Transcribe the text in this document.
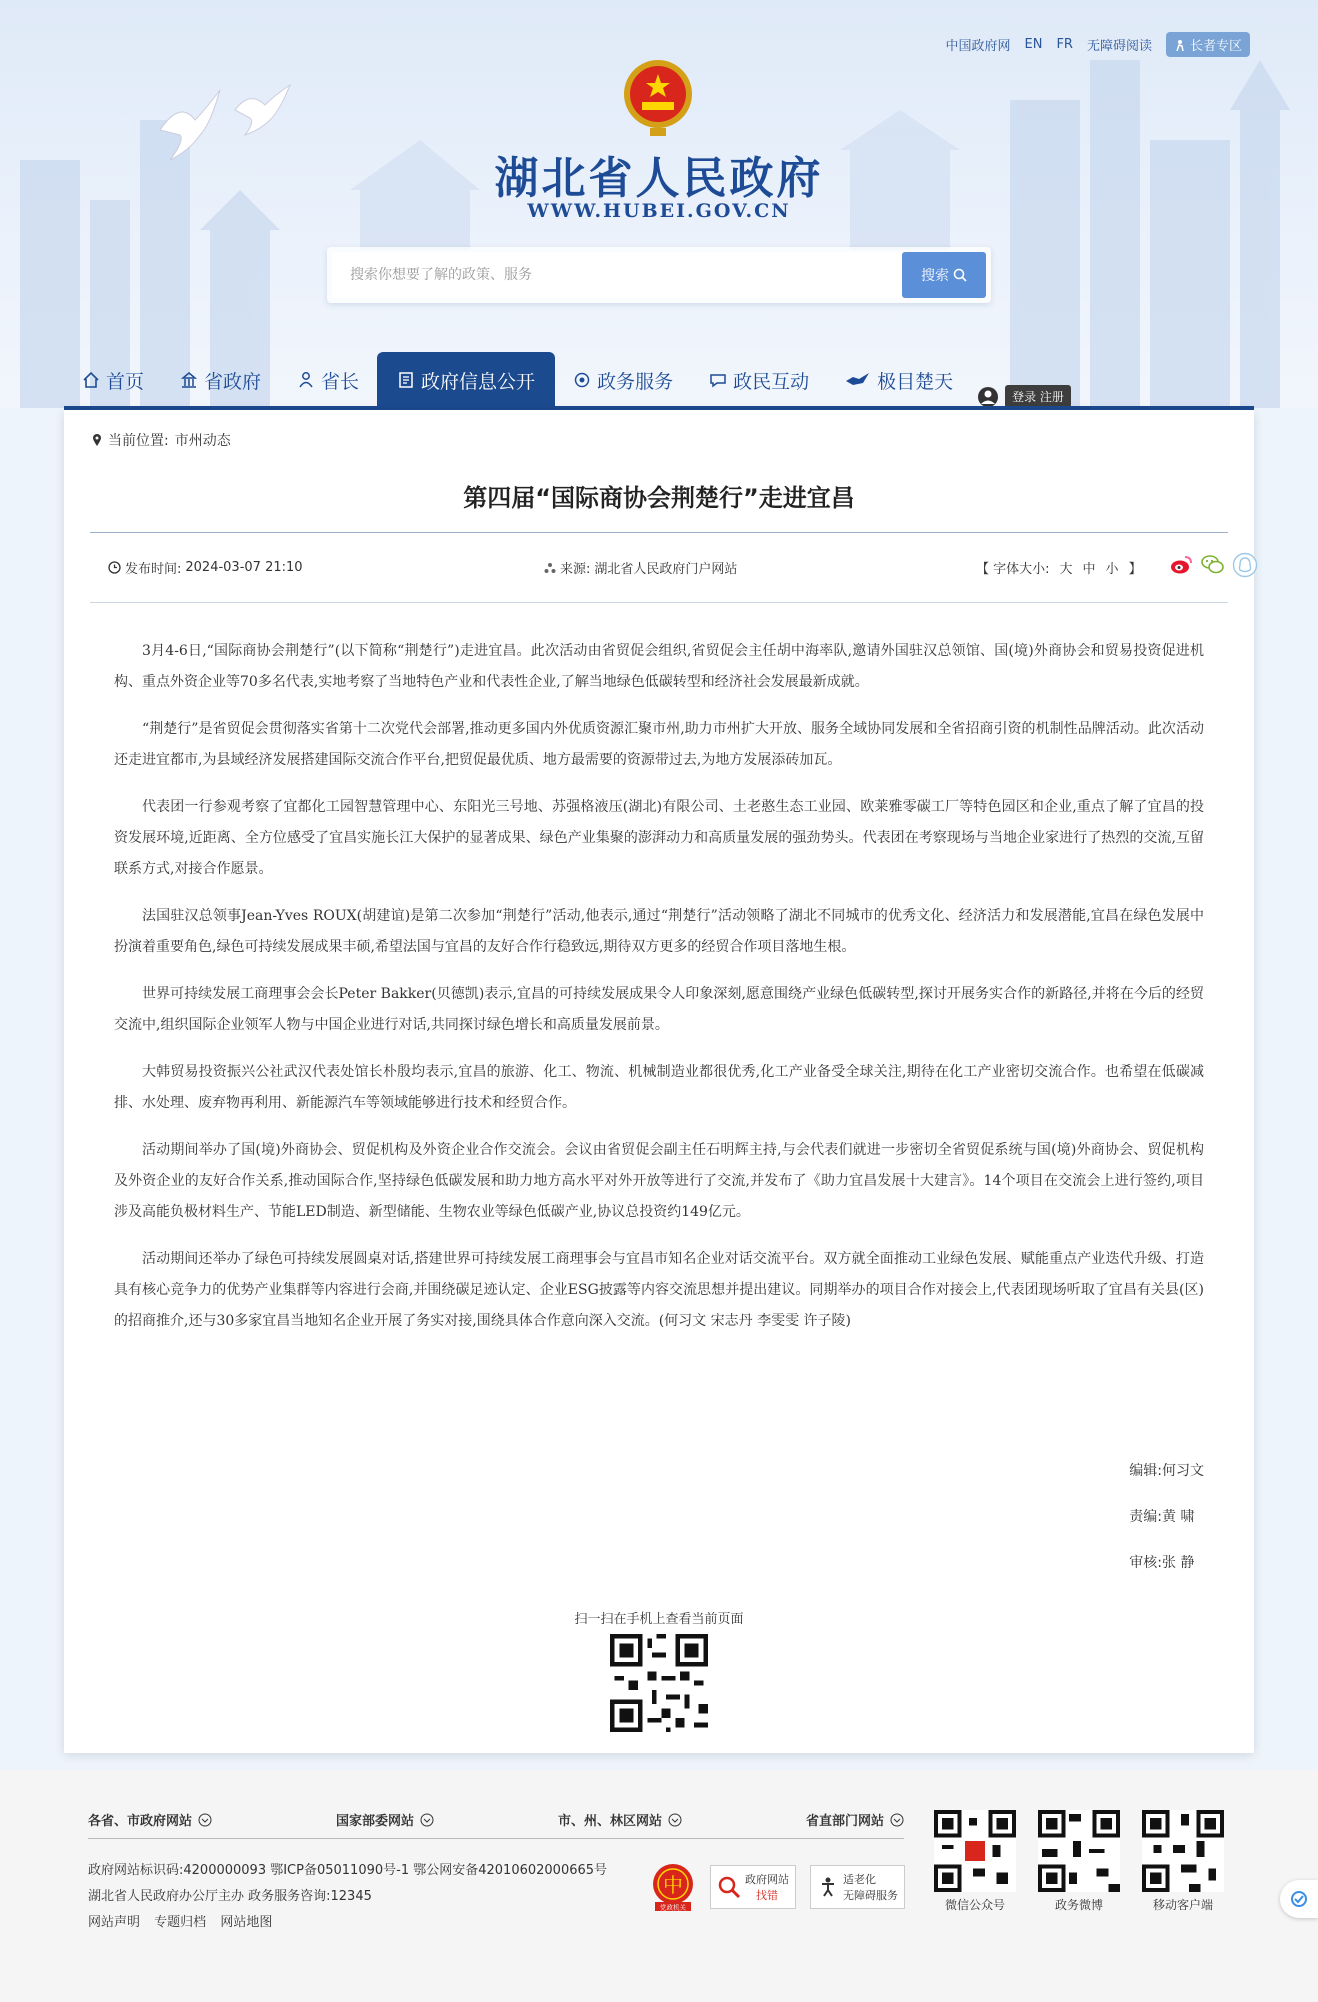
中国政府网 EN FR 无障碍阅读	长者专区
湖北省人民政府
WWW.HUBEI.GOV.CN
搜索你想要了解的政策、服务
搜索
首页	省政府	省长	政府信息公开	政务服务	政民互动	极目楚天
登录 注册
当前位置: 市州动态
第四届“国际商协会荆楚行”走进宜昌
发布时间: 2024-03-07 21:10	来源: 湖北省人民政府门户网站	【 字体大小: 大 中 小 】

3月4-6日,“国际商协会荆楚行”(以下简称“荆楚行”)走进宜昌。此次活动由省贸促会组织,省贸促会主任胡中海率队,邀请外国驻汉总领馆、国(境)外商协会和贸易投资促进机构、重点外资企业等70多名代表,实地考察了当地特色产业和代表性企业,了解当地绿色低碳转型和经济社会发展最新成就。

“荆楚行”是省贸促会贯彻落实省第十二次党代会部署,推动更多国内外优质资源汇聚市州,助力市州扩大开放、服务全域协同发展和全省招商引资的机制性品牌活动。此次活动还走进宜都市,为县域经济发展搭建国际交流合作平台,把贸促最优质、地方最需要的资源带过去,为地方发展添砖加瓦。

代表团一行参观考察了宜都化工园智慧管理中心、东阳光三号地、苏强格液压(湖北)有限公司、土老憨生态工业园、欧莱雅零碳工厂等特色园区和企业,重点了解了宜昌的投资发展环境,近距离、全方位感受了宜昌实施长江大保护的显著成果、绿色产业集聚的澎湃动力和高质量发展的强劲势头。代表团在考察现场与当地企业家进行了热烈的交流,互留联系方式,对接合作愿景。

法国驻汉总领事Jean-Yves ROUX(胡建谊)是第二次参加“荆楚行”活动,他表示,通过“荆楚行”活动领略了湖北不同城市的优秀文化、经济活力和发展潜能,宜昌在绿色发展中扮演着重要角色,绿色可持续发展成果丰硕,希望法国与宜昌的友好合作行稳致远,期待双方更多的经贸合作项目落地生根。

世界可持续发展工商理事会会长Peter Bakker(贝德凯)表示,宜昌的可持续发展成果令人印象深刻,愿意围绕产业绿色低碳转型,探讨开展务实合作的新路径,并将在今后的经贸交流中,组织国际企业领军人物与中国企业进行对话,共同探讨绿色增长和高质量发展前景。

大韩贸易投资振兴公社武汉代表处馆长朴殷均表示,宜昌的旅游、化工、物流、机械制造业都很优秀,化工产业备受全球关注,期待在化工产业密切交流合作。也希望在低碳减排、水处理、废弃物再利用、新能源汽车等领域能够进行技术和经贸合作。

活动期间举办了国(境)外商协会、贸促机构及外资企业合作交流会。会议由省贸促会副主任石明辉主持,与会代表们就进一步密切全省贸促系统与国(境)外商协会、贸促机构及外资企业的友好合作关系,推动国际合作,坚持绿色低碳发展和助力地方高水平对外开放等进行了交流,并发布了《助力宜昌发展十大建言》。14个项目在交流会上进行签约,项目涉及高能负极材料生产、节能LED制造、新型储能、生物农业等绿色低碳产业,协议总投资约149亿元。

活动期间还举办了绿色可持续发展圆桌对话,搭建世界可持续发展工商理事会与宜昌市知名企业对话交流平台。双方就全面推动工业绿色发展、赋能重点产业迭代升级、打造具有核心竞争力的优势产业集群等内容进行会商,并围绕碳足迹认定、企业ESG披露等内容交流思想并提出建议。同期举办的项目合作对接会上,代表团现场听取了宜昌有关县(区)的招商推介,还与30多家宜昌当地知名企业开展了务实对接,围绕具体合作意向深入交流。(何习文 宋志丹 李雯雯 许子陵)

编辑:何习文
责编:黄 啸
审核:张 静
扫一扫在手机上查看当前页面
各省、市政府网站	国家部委网站	市、州、林区网站	省直部门网站
政府网站标识码:4200000093 鄂ICP备05011090号-1 鄂公网安备42010602000665号
湖北省人民政府办公厅主办 政务服务咨询:12345
网站声明 专题归档 网站地图
中
党政机关
政府网站
找错
适老化
无障碍服务
微信公众号	政务微博	移动客户端
